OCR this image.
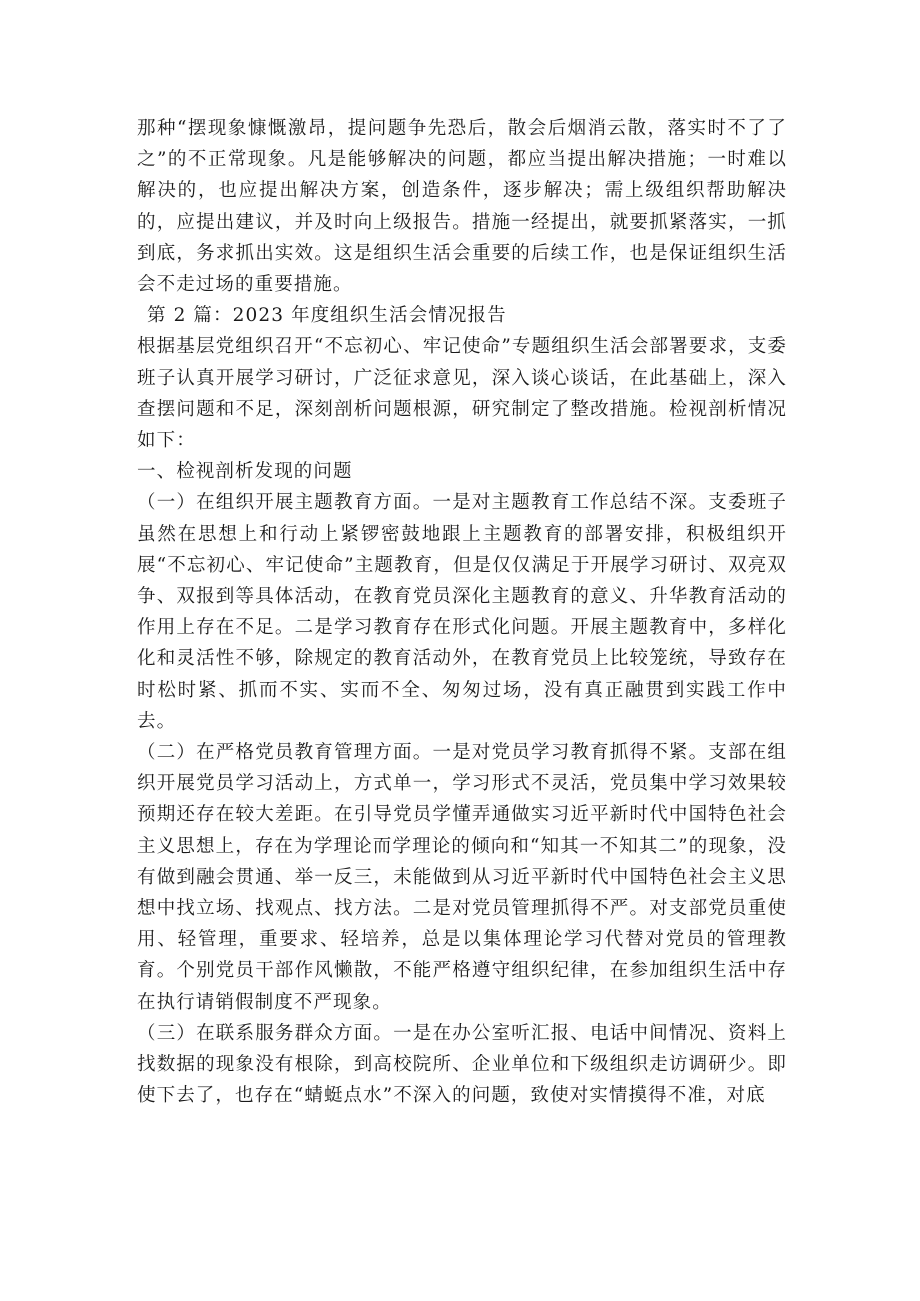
那种“摆现象慷慨激昂，提问题争先恐后，散会后烟消云散，落实时不了了之”的不正常现象。凡是能够解决的问题，都应当提出解决措施；一时难以解决的，也应提出解决方案，创造条件，逐步解决；需上级组织帮助解决的，应提出建议，并及时向上级报告。措施一经提出，就要抓紧落实，一抓到底，务求抓出实效。这是组织生活会重要的后续工作，也是保证组织生活会不走过场的重要措施。

第 2 篇：2023 年度组织生活会情况报告

根据基层党组织召开“不忘初心、牢记使命”专题组织生活会部署要求，支委班子认真开展学习研讨，广泛征求意见，深入谈心谈话，在此基础上，深入查摆问题和不足，深刻剖析问题根源，研究制定了整改措施。检视剖析情况如下：

一、检视剖析发现的问题

（一）在组织开展主题教育方面。一是对主题教育工作总结不深。支委班子虽然在思想上和行动上紧锣密鼓地跟上主题教育的部署安排，积极组织开展“不忘初心、牢记使命”主题教育，但是仅仅满足于开展学习研讨、双亮双争、双报到等具体活动，在教育党员深化主题教育的意义、升华教育活动的作用上存在不足。二是学习教育存在形式化问题。开展主题教育中，多样化化和灵活性不够，除规定的教育活动外，在教育党员上比较笼统，导致存在时松时紧、抓而不实、实而不全、匆匆过场，没有真正融贯到实践工作中去。

（二）在严格党员教育管理方面。一是对党员学习教育抓得不紧。支部在组织开展党员学习活动上，方式单一，学习形式不灵活，党员集中学习效果较预期还存在较大差距。在引导党员学懂弄通做实习近平新时代中国特色社会主义思想上，存在为学理论而学理论的倾向和“知其一不知其二”的现象，没有做到融会贯通、举一反三，未能做到从习近平新时代中国特色社会主义思想中找立场、找观点、找方法。二是对党员管理抓得不严。对支部党员重使用、轻管理，重要求、轻培养，总是以集体理论学习代替对党员的管理教育。个别党员干部作风懒散，不能严格遵守组织纪律，在参加组织生活中存在执行请销假制度不严现象。

（三）在联系服务群众方面。一是在办公室听汇报、电话中间情况、资料上找数据的现象没有根除，到高校院所、企业单位和下级组织走访调研少。即使下去了，也存在“蜻蜓点水”不深入的问题，致使对实情摸得不准，对底
